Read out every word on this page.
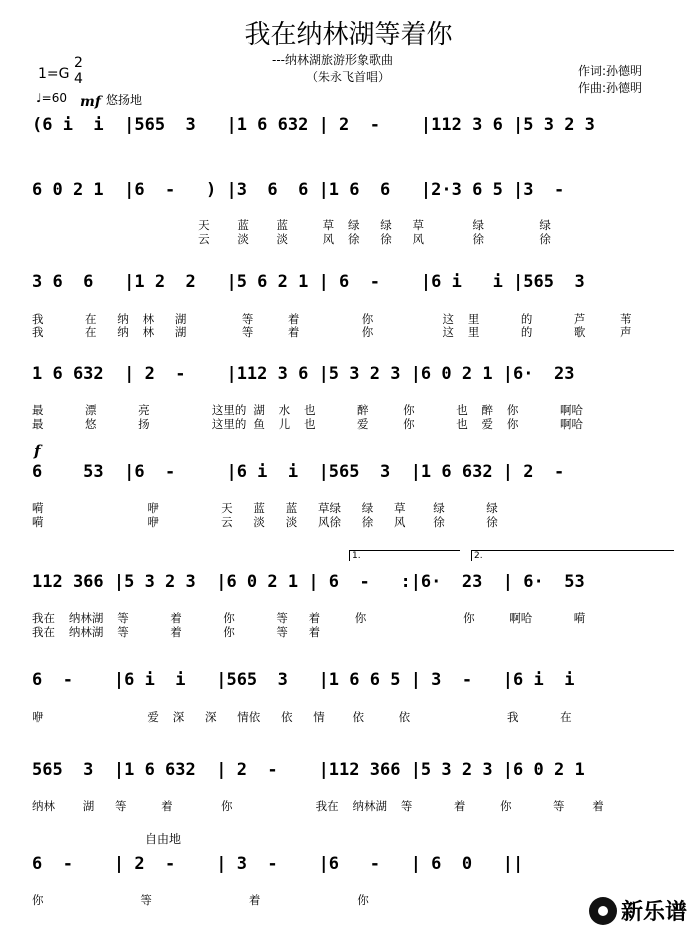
我在纳林湖等着你
---纳林湖旅游形象歌曲
（朱永飞首唱）	作词:孙德明
作曲:孙德明
1=G
2
4
♩=60 mf 悠扬地
f
自由地
1.	2.
(6 i  i  |565  3   |1 6 632 | 2  -    |112 3 6 |5 3 2 3
6 0 2 1  |6  -   ) |3  6  6 |1 6  6   |2·3 6 5 |3  -
天    蓝    蓝     草  绿   绿   草       绿        绿
云    淡    淡     风  徐   徐   风       徐        徐
3 6  6   |1 2  2   |5 6 2 1 | 6  -    |6 i   i |565  3
我      在   纳  林   湖        等     着         你          这  里      的      芦     苇
我      在   纳  林   湖        等     着         你          这  里      的      歌     声
1 6 632  | 2  -    |112 3 6 |5 3 2 3 |6 0 2 1 |6·  23
最      漂      亮         这里的 湖  水  也      醉     你      也  醉  你      啊哈
最      悠      扬         这里的 鱼  儿  也      爱     你      也  爱  你      啊哈
6    53  |6  -     |6 i  i  |565  3  |1 6 632 | 2  -
嗬               咿         天   蓝   蓝   草绿   绿   草    绿      绿
嗬               咿         云   淡   淡   风徐   徐   风    徐      徐
112 366 |5 3 2 3  |6 0 2 1 | 6  -   :|6·  23  | 6·  53
我在  纳林湖  等      着      你      等   着     你              你     啊哈      嗬
我在  纳林湖  等      着      你      等   着
6  -    |6 i  i   |565  3   |1 6 6 5 | 3  -   |6 i  i
咿               爱  深   深   情依   依   情    依     依              我      在
565  3  |1 6 632  | 2  -    |112 366 |5 3 2 3 |6 0 2 1
纳林    湖   等     着       你            我在  纳林湖  等      着     你      等    着
6  -    | 2  -    | 3  -    |6   -   | 6  0   ||
你              等              着              你	新乐谱
